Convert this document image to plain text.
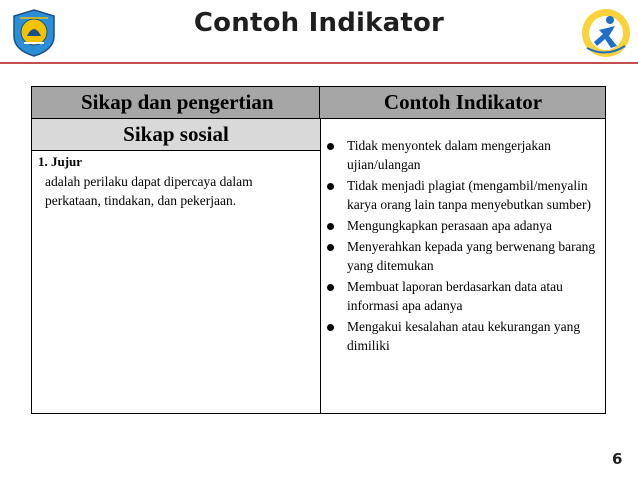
Contoh Indikator
Sikap dan pengertian	Contoh Indikator
Sikap sosial
1. Jujur
adalah perilaku dapat dipercaya dalam perkataan, tindakan, dan pekerjaan.
Tidak menyontek dalam mengerjakan ujian/ulangan
Tidak menjadi plagiat (mengambil/menyalin karya orang lain tanpa menyebutkan sumber)
Mengungkapkan perasaan apa adanya
Menyerahkan kepada yang berwenang barang yang ditemukan
Membuat laporan berdasarkan data atau informasi apa adanya
Mengakui kesalahan atau kekurangan yang dimiliki
6
